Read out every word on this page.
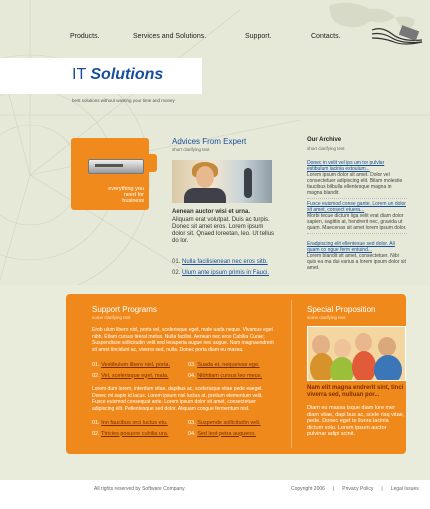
Products.	Services and Solutions.	Support.	Contacts.
IT Solutions
best solutions without wasting your time and money
everything you need for business
Advices From Expert
short clarifying text
Aenean auctor wisi et urna.
Aliquam erat volutpat. Duis ac turpis. Donec sit amet eros. Lorem ipsum dolor sit. Qnaed loreetan, leo. Ut tellus do lor.
01. Nulla facilisienean nec eros sitb.
02. Ulum ante ipsum primis in Fauci.
Our Archive
short clarifying text
Donec in velit vel ips um tor pulvlar estibulum lacinia estoulum...
Lorem ipsum dolor sit amet. Dolor vel consectetuer adipiscing elit. Bilam molestie faucibus bilbulla ellentesque magna in magna blandit.
Fusce euismod conse gante. Lorem un dolor sit amet, consect etuera...
Morbi tecue dictum liga velit erat diam dolor sapien, sagittis at, hendrerit nec, gravida ut quam. Maecenas sit amet lorem ipsum dolor.
Eradpiscing elit ellentesue sed dolor. Ali quam co ngue ferm entuind...
Lorem blandit sit amet, consectetuer. Nibi quis ea ma dui varius a lorem ipsum dolor sit amet.
Support Programs
some clarifying text
Erob ulum libero nisl, porta vel, scelerisque eget, male uada neque. Vivamus eget nibh. Etiam cursus tireral metus. Nulla facilisi. Aenean nec eros Cubilia Curae; Suspendisse sollicitudin velit sed leoaperia augue nec augue. Nam magnaendrerit sit amet tincidunt ac, viverra sed, nulla. Donec porta diam eu massa.
01. Vestibulum libero nisl, porta.
02. Vel, scelerisque eget, mala.
03. Suada et, nequeivas ege.
04. Nibhtiam cursus leo meus.
Lorem dum lorem, interdum vitae, dapibus ac, scelerisque vitae pede eaegel. Donec mi sapin id lacus. Lorem ipsum nisl luctus at, pretium elementum velit. Fusce euismod consequat ante. Lorem ipsum dolor sit amet, consectetuer adipiscing elit. Pellentesque sed dolor. Aliquam congue fermentum nisl.
01. Inn faucibus orci luctus etu.
02. Ttricies posuere cubilia ura.
03. Suspende sollicitudin velt.
04. Sed leot petra augueno.
Special Proposition
some clarifying text
Nam elit magna endrerit sint, tinci viverra sed, nulluan por...
Diam eu massa isque diam lore mer diam vitae, dapi bus ac, scele risq vitae, pede. Donec eget te llunra lacinia dictum volu. Lorem ipsum auctor pulvinar adipi scinit.
All rights reserved by Software Company	Copyright 2006 | Privacy Policy | Legal Issues
